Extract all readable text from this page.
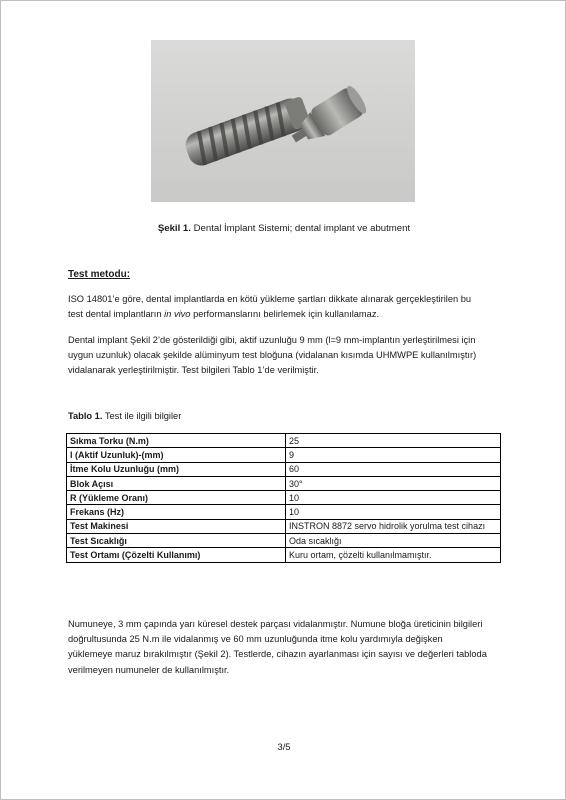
Şekil 1. Dental İmplant Sistemi; dental implant ve abutment
Test metodu:
ISO 14801’e göre, dental implantlarda en kötü yükleme şartları dikkate alınarak gerçekleştirilen bu
test dental implantların in vivo performanslarını belirlemek için kullanılamaz.
Dental implant Şekil 2’de gösterildiği gibi, aktif uzunluğu 9 mm (l=9 mm-implantın yerleştirilmesi için
uygun uzunluk) olacak şekilde alüminyum test bloğuna (vidalanan kısımda UHMWPE kullanılmıştır)
vidalanarak yerleştirilmiştir. Test bilgileri Tablo 1’de verilmiştir.
Tablo 1. Test ile ilgili bilgiler
Sıkma Torku (N.m)	25
l (Aktif Uzunluk)-(mm)	9
İtme Kolu Uzunluğu (mm)	60
Blok Açısı	30°
R (Yükleme Oranı)	10
Frekans (Hz)	10
Test Makinesi	INSTRON 8872 servo hidrolik yorulma test cihazı
Test Sıcaklığı	Oda sıcaklığı
Test Ortamı (Çözelti Kullanımı)	Kuru ortam, çözelti kullanılmamıştır.
Numuneye, 3 mm çapında yarı küresel destek parçası vidalanmıştır. Numune bloğa üreticinin bilgileri
doğrultusunda 25 N.m ile vidalanmış ve 60 mm uzunluğunda itme kolu yardımıyla değişken
yüklemeye maruz bırakılmıştır (Şekil 2). Testlerde, cihazın ayarlanması için sayısı ve değerleri tabloda
verilmeyen numuneler de kullanılmıştır.
3/5
